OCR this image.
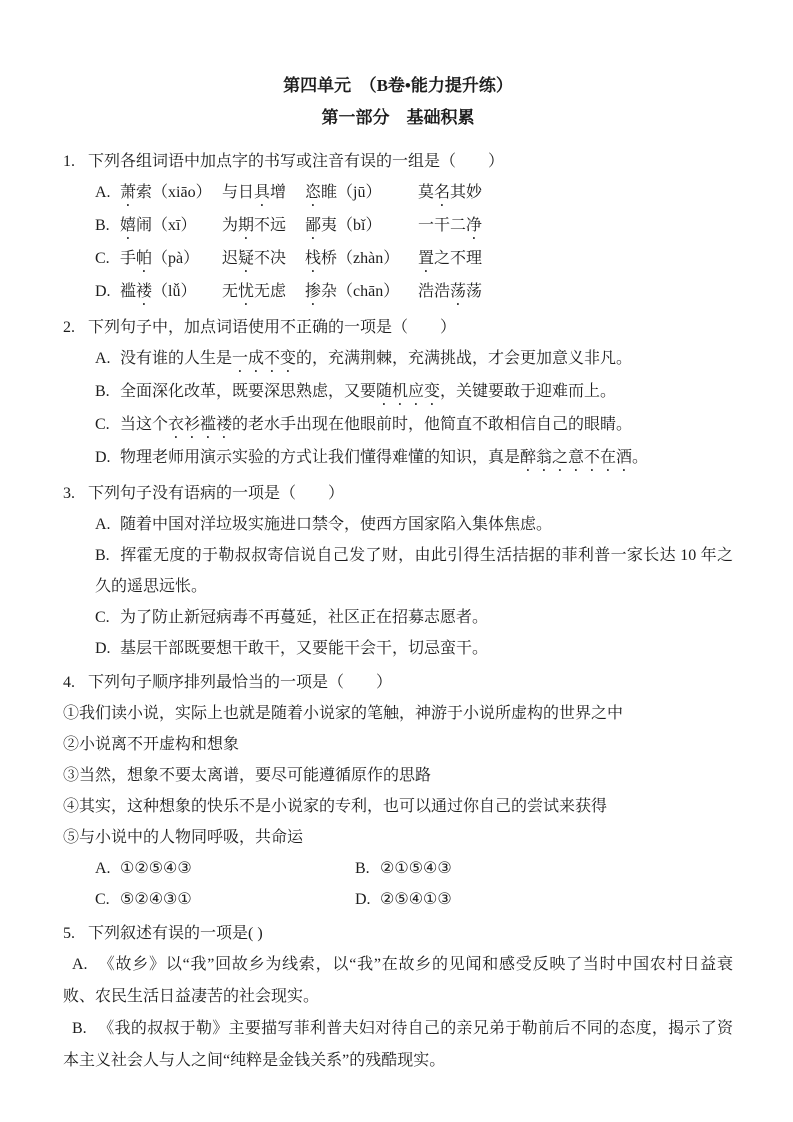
第四单元　（B卷•能力提升练）

第一部分　基础积累

1. 下列各组词语中加点字的书写或注音有误的一组是（　　）

A. 萧索（xiāo） 与日具增	恣睢（jū）	莫名其妙
B. 嬉闹（xī）	为期不远	鄙夷（bǐ）	一干二净
C. 手帕（pà）	迟疑不决	栈桥（zhàn）	置之不理
D. 褴褛（lǚ）	无忧无虑	掺杂（chān）	浩浩荡荡

2. 下列句子中，加点词语使用不正确的一项是（　　）

A. 没有谁的人生是一成不变的，充满荆棘，充满挑战，才会更加意义非凡。

B. 全面深化改革，既要深思熟虑，又要随机应变，关键要敢于迎难而上。

C. 当这个衣衫褴褛的老水手出现在他眼前时，他简直不敢相信自己的眼睛。

D. 物理老师用演示实验的方式让我们懂得难懂的知识，真是醉翁之意不在酒。

3. 下列句子没有语病的一项是（　　）

A. 随着中国对洋垃圾实施进口禁令，使西方国家陷入集体焦虑。

B. 挥霍无度的于勒叔叔寄信说自己发了财，由此引得生活拮据的菲利普一家长达 10 年之久的遥思远怅。

C. 为了防止新冠病毒不再蔓延，社区正在招募志愿者。

D. 基层干部既要想干敢干，又要能干会干，切忌蛮干。

4. 下列句子顺序排列最恰当的一项是（　　）

①我们读小说，实际上也就是随着小说家的笔触，神游于小说所虚构的世界之中

②小说离不开虚构和想象

③当然，想象不要太离谱，要尽可能遵循原作的思路

④其实，这种想象的快乐不是小说家的专利，也可以通过你自己的尝试来获得

⑤与小说中的人物同呼吸，共命运

A. ①②⑤④③	B. ②①⑤④③

C. ⑤②④③①	D. ②⑤④①③

5. 下列叙述有误的一项是( )

A. 《故乡》以“我”回故乡为线索，以“我”在故乡的见闻和感受反映了当时中国农村日益衰败、农民生活日益凄苦的社会现实。

B. 《我的叔叔于勒》主要描写菲利普夫妇对待自己的亲兄弟于勒前后不同的态度，揭示了资本主义社会人与人之间“纯粹是金钱关系”的残酷现实。
